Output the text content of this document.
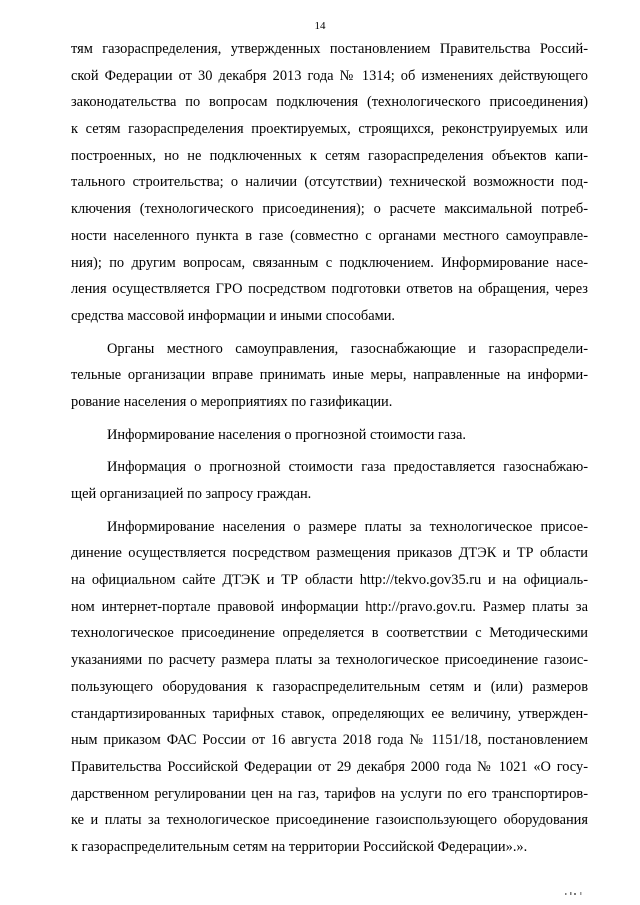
14
тям газораспределения, утвержденных постановлением Правительства Россий-
ской Федерации от 30 декабря 2013 года № 1314; об изменениях действующего
законодательства по вопросам подключения (технологического присоединения)
к сетям газораспределения проектируемых, строящихся, реконструируемых или
построенных, но не подключенных к сетям газораспределения объектов капи-
тального строительства; о наличии (отсутствии) технической возможности под-
ключения (технологического присоединения); о расчете максимальной потреб-
ности населенного пункта в газе (совместно с органами местного самоуправле-
ния); по другим вопросам, связанным с подключением. Информирование насе-
ления осуществляется ГРО посредством подготовки ответов на обращения, через
средства массовой информации и иными способами.
Органы местного самоуправления, газоснабжающие и газораспредели-
тельные организации вправе принимать иные меры, направленные на информи-
рование населения о мероприятиях по газификации.
Информирование населения о прогнозной стоимости газа.
Информация о прогнозной стоимости газа предоставляется газоснабжаю-
щей организацией по запросу граждан.
Информирование населения о размере платы за технологическое присое-
динение осуществляется посредством размещения приказов ДТЭК и ТР области
на официальном сайте ДТЭК и ТР области http://tekvo.gov35.ru и на официаль-
ном интернет-портале правовой информации http://pravo.gov.ru. Размер платы за
технологическое присоединение определяется в соответствии с Методическими
указаниями по расчету размера платы за технологическое присоединение газоис-
пользующего оборудования к газораспределительным сетям и (или) размеров
стандартизированных тарифных ставок, определяющих ее величину, утвержден-
ным приказом ФАС России от 16 августа 2018 года № 1151/18, постановлением
Правительства Российской Федерации от 29 декабря 2000 года № 1021 «О госу-
дарственном регулировании цен на газ, тарифов на услуги по его транспортиров-
ке и платы за технологическое присоединение газоиспользующего оборудования
к газораспределительным сетям на территории Российской Федерации».».
